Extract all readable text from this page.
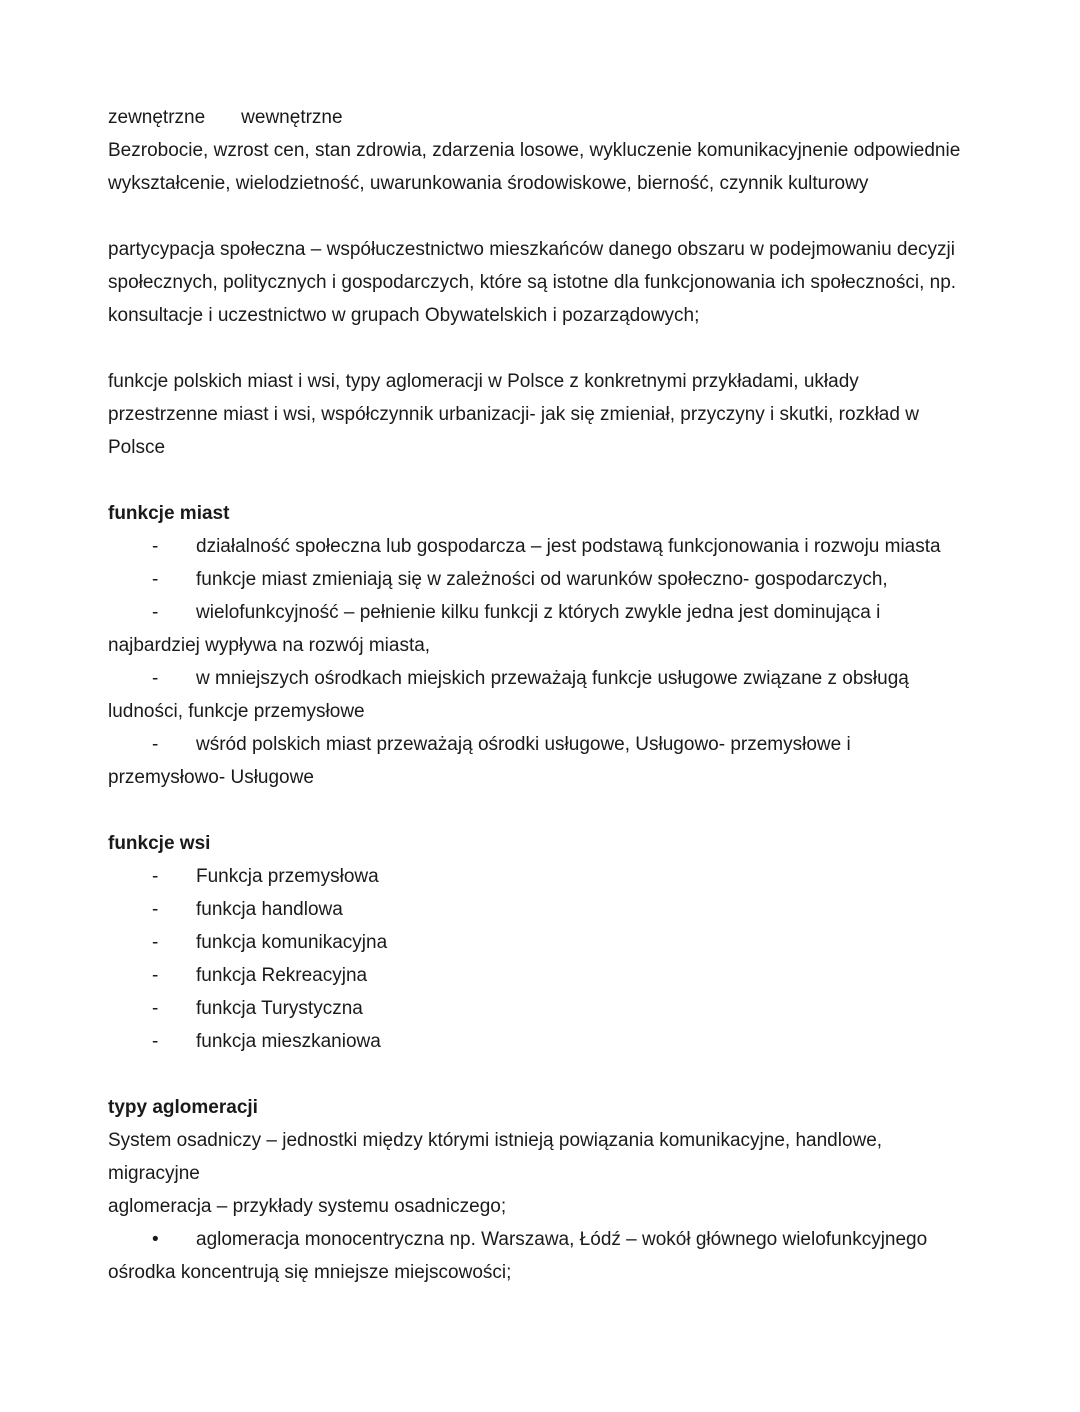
zewnętrzne wewnętrzne
Bezrobocie, wzrost cen, stan zdrowia, zdarzenia losowe, wykluczenie komunikacyjnenie odpowiednie
wykształcenie, wielodzietność, uwarunkowania środowiskowe, bierność, czynnik kulturowy
partycypacja społeczna – współuczestnictwo mieszkańców danego obszaru w podejmowaniu decyzji
społecznych, politycznych i gospodarczych, które są istotne dla funkcjonowania ich społeczności, np.
konsultacje i uczestnictwo w grupach Obywatelskich i pozarządowych;
funkcje polskich miast i wsi, typy aglomeracji w Polsce z konkretnymi przykładami, układy
przestrzenne miast i wsi, współczynnik urbanizacji- jak się zmieniał, przyczyny i skutki, rozkład w
Polsce
funkcje miast
- działalność społeczna lub gospodarcza – jest podstawą funkcjonowania i rozwoju miasta
- funkcje miast zmieniają się w zależności od warunków społeczno- gospodarczych,
- wielofunkcyjność – pełnienie kilku funkcji z których zwykle jedna jest dominująca i
najbardziej wypływa na rozwój miasta,
- w mniejszych ośrodkach miejskich przeważają funkcje usługowe związane z obsługą
ludności, funkcje przemysłowe
- wśród polskich miast przeważają ośrodki usługowe, Usługowo- przemysłowe i
przemysłowo- Usługowe
funkcje wsi
- Funkcja przemysłowa
- funkcja handlowa
- funkcja komunikacyjna
- funkcja Rekreacyjna
- funkcja Turystyczna
- funkcja mieszkaniowa
typy aglomeracji
System osadniczy – jednostki między którymi istnieją powiązania komunikacyjne, handlowe,
migracyjne
aglomeracja – przykłady systemu osadniczego;
• aglomeracja monocentryczna np. Warszawa, Łódź – wokół głównego wielofunkcyjnego
ośrodka koncentrują się mniejsze miejscowości;
